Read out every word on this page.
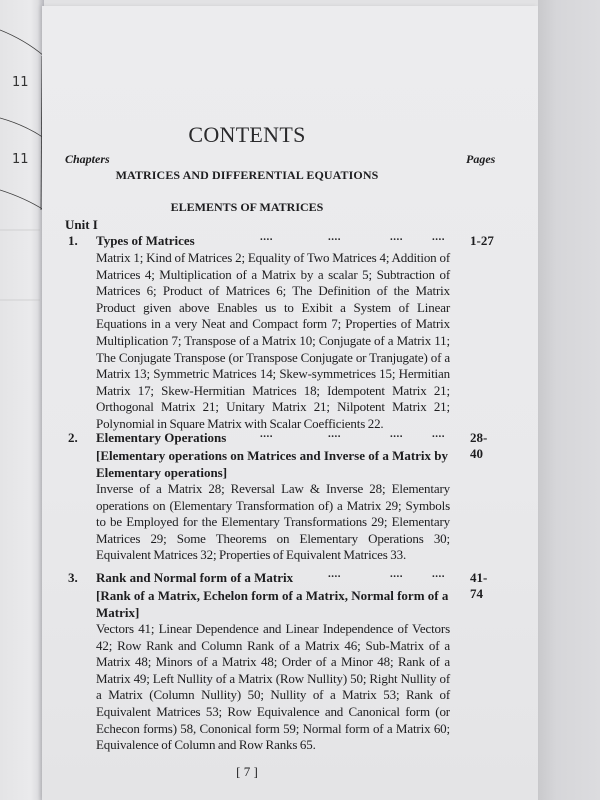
11
11
CONTENTS
Chapters	Pages
MATRICES AND DIFFERENTIAL EQUATIONS
ELEMENTS OF MATRICES
Unit I
1. Types of Matrices	....	....	....	.... 1-27
Matrix 1; Kind of Matrices 2; Equality of Two Matrices 4; Addition of Matrices 4; Multiplication of a Matrix by a scalar 5; Subtraction of Matrices 6; Product of Matrices 6; The Definition of the Matrix Product given above Enables us to Exibit a System of Linear Equations in a very Neat and Compact form 7; Properties of Matrix Multiplication 7; Transpose of a Matrix 10; Conjugate of a Matrix 11; The Conjugate Transpose (or Transpose Conjugate or Tranjugate) of a Matrix 13; Symmetric Matrices 14; Skew-symmetrices 15; Hermitian Matrix 17; Skew-Hermitian Matrices 18; Idempotent Matrix 21; Orthogonal Matrix 21; Unitary Matrix 21; Nilpotent Matrix 21; Polynomial in Square Matrix with Scalar Coefficients 22.
2. Elementary Operations	....	....	....	.... 28-40
[Elementary operations on Matrices and Inverse of a Matrix by Elementary operations]
Inverse of a Matrix 28; Reversal Law & Inverse 28; Elementary operations on (Elementary Transformation of) a Matrix 29; Symbols to be Employed for the Elementary Transformations 29; Elementary Matrices 29; Some Theorems on Elementary Operations 30; Equivalent Matrices 32; Properties of Equivalent Matrices 33.
3. Rank and Normal form of a Matrix	....	....	.... 41-74
[Rank of a Matrix, Echelon form of a Matrix, Normal form of a Matrix]
Vectors 41; Linear Dependence and Linear Independence of Vectors 42; Row Rank and Column Rank of a Matrix 46; Sub-Matrix of a Matrix 48; Minors of a Matrix 48; Order of a Minor 48; Rank of a Matrix 49; Left Nullity of a Matrix (Row Nullity) 50; Right Nullity of a Matrix (Column Nullity) 50; Nullity of a Matrix 53; Rank of Equivalent Matrices 53; Row Equivalence and Canonical form (or Echecon forms) 58, Cononical form 59; Normal form of a Matrix 60; Equivalence of Column and Row Ranks 65.
[ 7 ]
